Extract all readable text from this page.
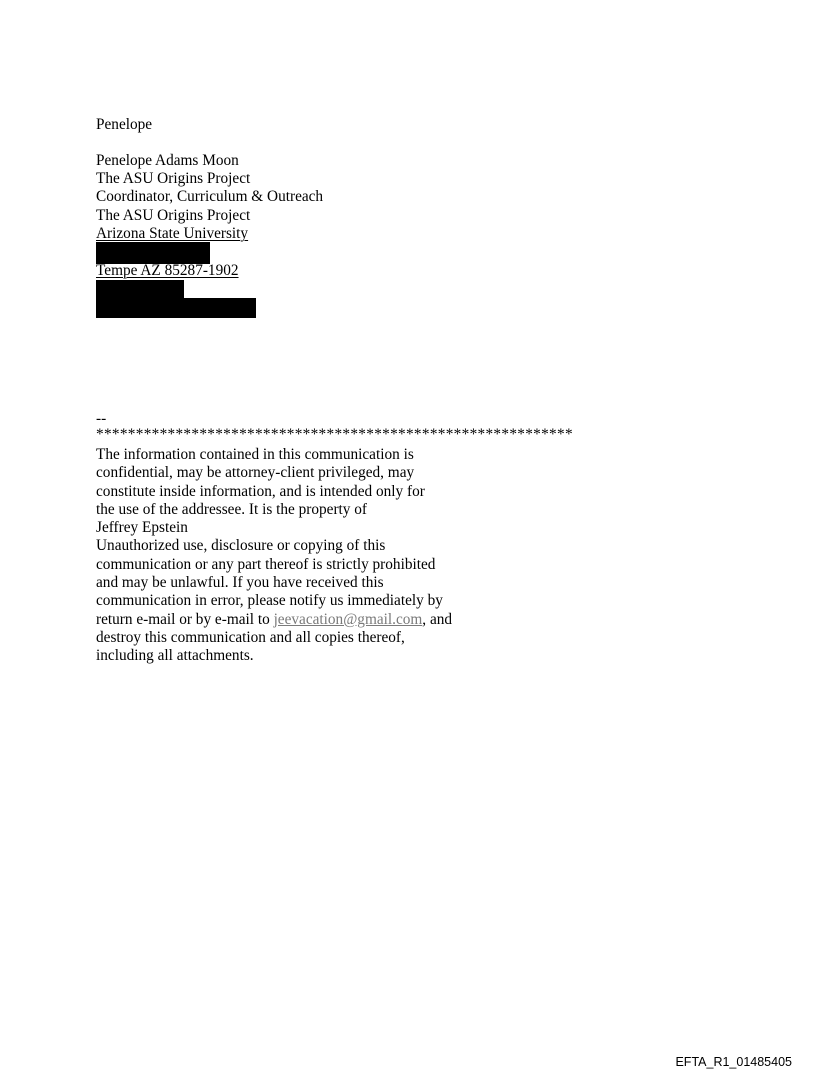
Penelope

Penelope Adams Moon

The ASU Origins Project

Coordinator, Curriculum & Outreach

The ASU Origins Project

Arizona State University

Tempe AZ 85287-1902

--

************************************************************
The information contained in this communication is
confidential, may be attorney-client privileged, may
constitute inside information, and is intended only for
the use of the addressee. It is the property of
Jeffrey Epstein
Unauthorized use, disclosure or copying of this
communication or any part thereof is strictly prohibited
and may be unlawful. If you have received this
communication in error, please notify us immediately by
return e-mail or by e-mail to jeevacation@gmail.com, and
destroy this communication and all copies thereof,
including all attachments.
EFTA_R1_01485405
